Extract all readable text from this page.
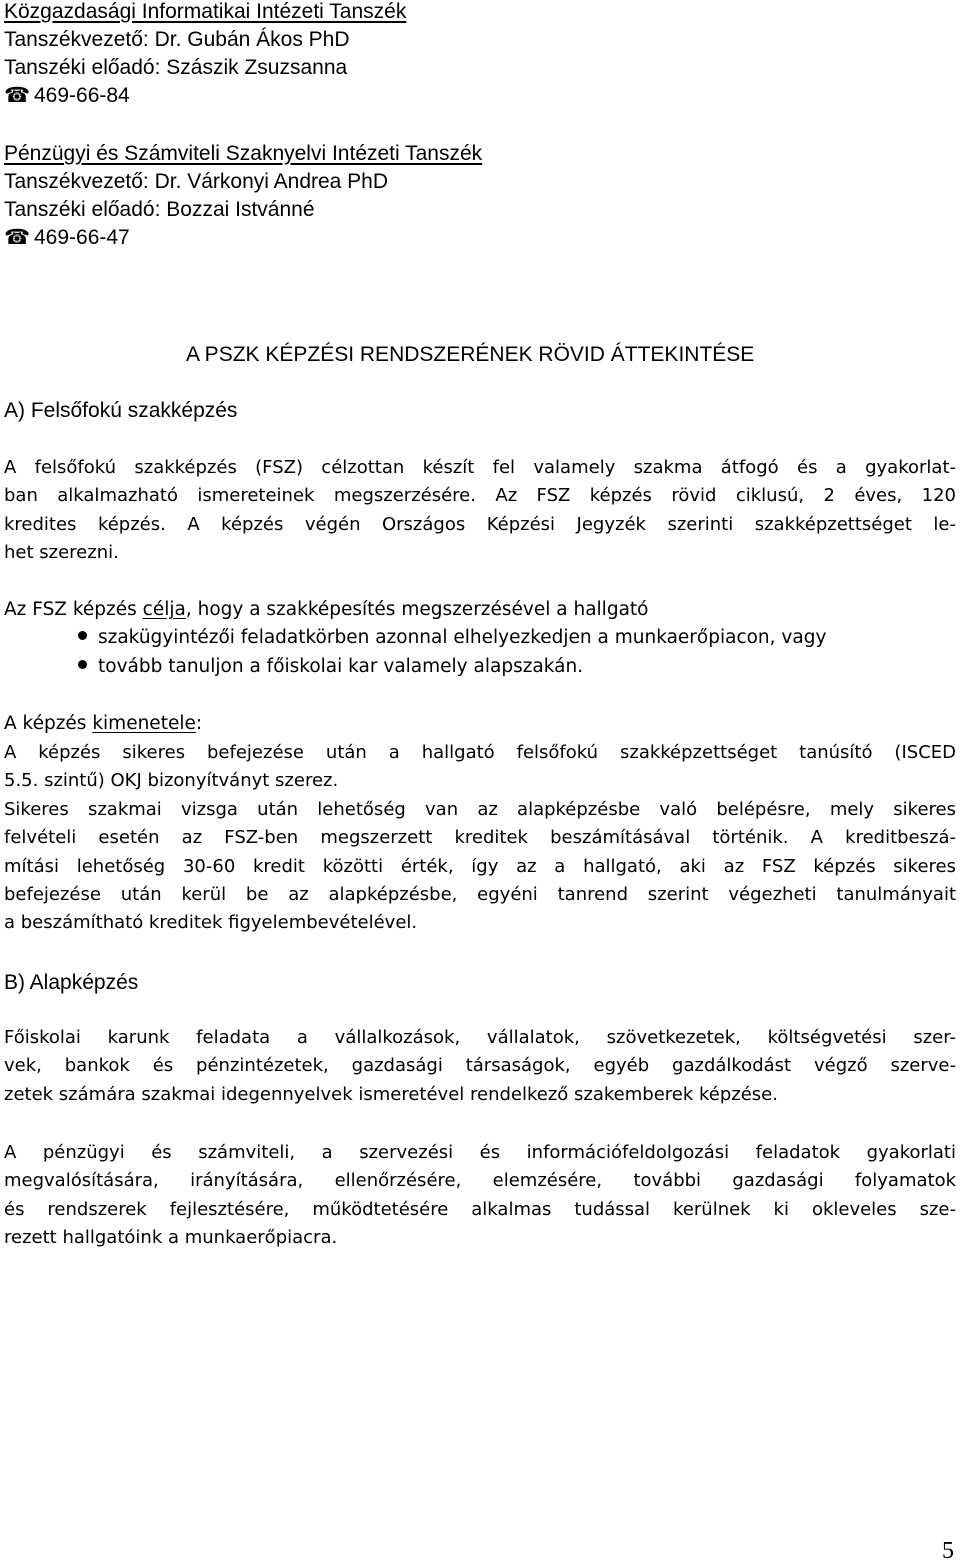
Közgazdasági Informatikai Intézeti Tanszék
Tanszékvezető: Dr. Gubán Ákos PhD
Tanszéki előadó: Szászik Zsuzsanna
☎ 469-66-84
Pénzügyi és Számviteli Szaknyelvi Intézeti Tanszék
Tanszékvezető: Dr. Várkonyi Andrea PhD
Tanszéki előadó: Bozzai Istvánné
☎ 469-66-47
A PSZK KÉPZÉSI RENDSZERÉNEK RÖVID ÁTTEKINTÉSE
A) Felsőfokú szakképzés
A felsőfokú szakképzés (FSZ) célzottan készít fel valamely szakma átfogó és a gyakorlat-
ban alkalmazható ismereteinek megszerzésére. Az FSZ képzés rövid ciklusú, 2 éves, 120
kredites képzés. A képzés végén Országos Képzési Jegyzék szerinti szakképzettséget le-
het szerezni.
Az FSZ képzés célja, hogy a szakképesítés megszerzésével a hallgató
szakügyintézői feladatkörben azonnal elhelyezkedjen a munkaerőpiacon, vagy
tovább tanuljon a főiskolai kar valamely alapszakán.
A képzés kimenetele:
A képzés sikeres befejezése után a hallgató felsőfokú szakképzettséget tanúsító (ISCED
5.5. szintű) OKJ bizonyítványt szerez.
Sikeres szakmai vizsga után lehetőség van az alapképzésbe való belépésre, mely sikeres
felvételi esetén az FSZ-ben megszerzett kreditek beszámításával történik. A kreditbeszá-
mítási lehetőség 30-60 kredit közötti érték, így az a hallgató, aki az FSZ képzés sikeres
befejezése után kerül be az alapképzésbe, egyéni tanrend szerint végezheti tanulmányait
a beszámítható kreditek figyelembevételével.
B) Alapképzés
Főiskolai karunk feladata a vállalkozások, vállalatok, szövetkezetek, költségvetési szer-
vek, bankok és pénzintézetek, gazdasági társaságok, egyéb gazdálkodást végző szerve-
zetek számára szakmai idegennyelvek ismeretével rendelkező szakemberek képzése.
A pénzügyi és számviteli, a szervezési és információfeldolgozási feladatok gyakorlati
megvalósítására, irányítására, ellenőrzésére, elemzésére, további gazdasági folyamatok
és rendszerek fejlesztésére, működtetésére alkalmas tudással kerülnek ki okleveles sze-
rezett hallgatóink a munkaerőpiacra.
5
